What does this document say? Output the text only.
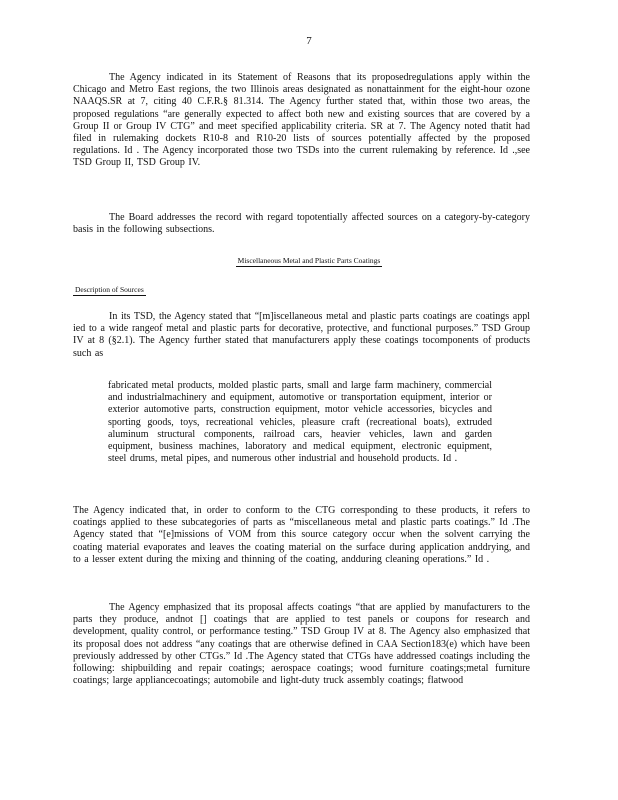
7
The Agency indicated in its Statement of Reasons that its proposedregulations apply within the Chicago and Metro East regions, the two Illinois areas designated as nonattainment for the eight-hour ozone NAAQS.SR at 7, citing 40 C.F.R.§ 81.314. The Agency further stated that, within those two areas, the proposed regulations “are generally expected to affect both new and existing sources that are covered by a Group II or Group IV CTG” and meet specified applicability criteria. SR at 7. The Agency noted thatit had filed in rulemaking dockets R10-8 and R10-20 lists of sources potentially affected by the proposed regulations. Id . The Agency incorporated those two TSDs into the current rulemaking by reference. Id .,see TSD Group II, TSD Group IV.
The Board addresses the record with regard topotentially affected sources on a category-by-category basis in the following subsections.
Miscellaneous Metal and Plastic Parts Coatings
Description of Sources
In its TSD, the Agency stated that “[m]iscellaneous metal and plastic parts coatings are coatings appl ied to a wide rangeof metal and plastic parts for decorative, protective, and functional purposes.” TSD Group IV at 8 (§2.1). The Agency further stated that manufacturers apply these coatings tocomponents of products such as
fabricated metal products, molded plastic parts, small and large farm machinery, commercial and industrialmachinery and equipment, automotive or transportation equipment, interior or exterior automotive parts, construction equipment, motor vehicle accessories, bicycles and sporting goods, toys, recreational vehicles, pleasure craft (recreational boats), extruded aluminum structural components, railroad cars, heavier vehicles, lawn and garden equipment, business machines, laboratory and medical equipment, electronic equipment, steel drums, metal pipes, and numerous other industrial and household products. Id .
The Agency indicated that, in order to conform to the CTG corresponding to these products, it refers to coatings applied to these subcategories of parts as “miscellaneous metal and plastic parts coatings.” Id .The Agency stated that “[e]missions of VOM from this source category occur when the solvent carrying the coating material evaporates and leaves the coating material on the surface during application anddrying, and to a lesser extent during the mixing and thinning of the coating, andduring cleaning operations.” Id .
The Agency emphasized that its proposal affects coatings “that are applied by manufacturers to the parts they produce, andnot [] coatings that are applied to test panels or coupons for research and development, quality control, or performance testing.” TSD Group IV at 8. The Agency also emphasized that its proposal does not address “any coatings that are otherwise defined in CAA Section183(e) which have been previously addressed by other CTGs.” Id .The Agency stated that CTGs have addressed coatings including the following: shipbuilding and repair coatings; aerospace coatings; wood furniture coatings;metal furniture coatings; large appliancecoatings; automobile and light-duty truck assembly coatings; flatwood
